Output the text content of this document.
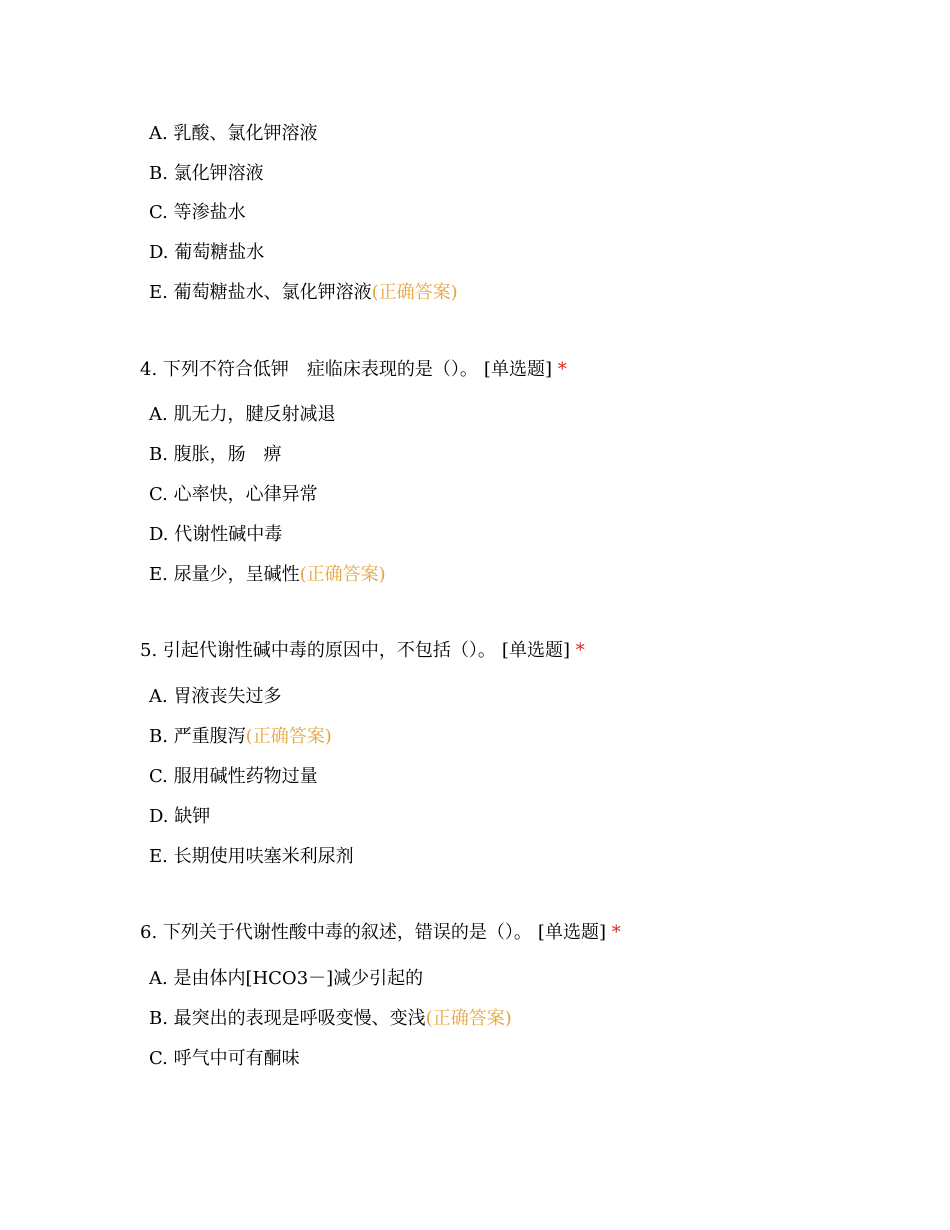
A. 乳酸、氯化钾溶液
B. 氯化钾溶液
C. 等渗盐水
D. 葡萄糖盐水
E. 葡萄糖盐水、氯化钾溶液(正确答案)
4. 下列不符合低钾　症临床表现的是（）。 [单选题] *
A. 肌无力，腱反射减退
B. 腹胀，肠　痹
C. 心率快，心律异常
D. 代谢性碱中毒
E. 尿量少，呈碱性(正确答案)
5. 引起代谢性碱中毒的原因中，不包括（）。 [单选题] *
A. 胃液丧失过多
B. 严重腹泻(正确答案)
C. 服用碱性药物过量
D. 缺钾
E. 长期使用呋塞米利尿剂
6. 下列关于代谢性酸中毒的叙述，错误的是（）。 [单选题] *
A. 是由体内[HCO3－]减少引起的
B. 最突出的表现是呼吸变慢、变浅(正确答案)
C. 呼气中可有酮味
